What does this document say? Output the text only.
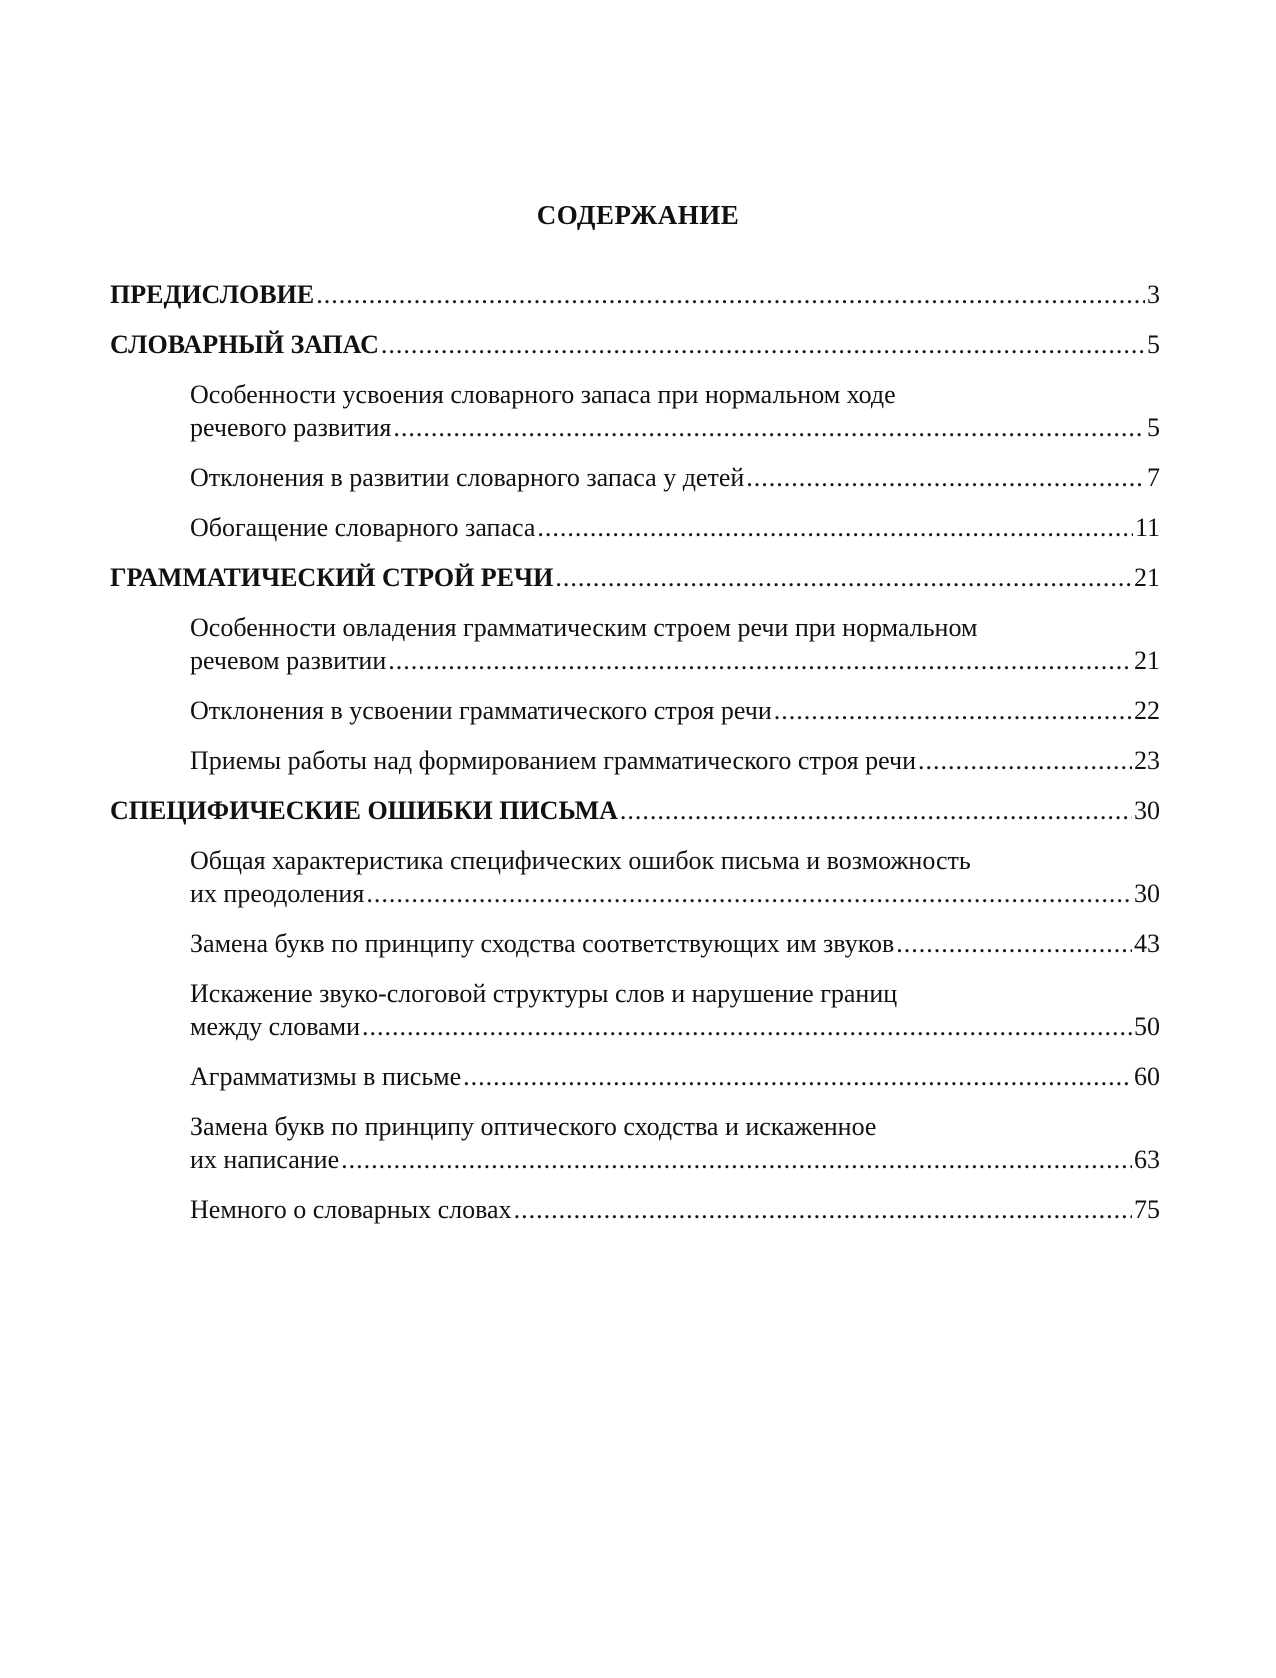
СОДЕРЖАНИЕ
ПРЕДИСЛОВИЕ .....	3
СЛОВАРНЫЙ ЗАПАС .....	5
Особенности усвоения словарного запаса при нормальном ходе
речевого развития .....	5
Отклонения в развитии словарного запаса у детей .....	7
Обогащение словарного запаса .....	11
ГРАММАТИЧЕСКИЙ СТРОЙ РЕЧИ .....	21
Особенности овладения грамматическим строем речи при нормальном
речевом развитии .....	21
Отклонения в усвоении грамматического строя речи .....	22
Приемы работы над формированием грамматического строя речи .....	23
СПЕЦИФИЧЕСКИЕ ОШИБКИ ПИСЬМА .....	30
Общая характеристика специфических ошибок письма и возможность
их преодоления .....	30
Замена букв по принципу сходства соответствующих им звуков .....	43
Искажение звуко-слоговой структуры слов и нарушение границ
между словами .....	50
Аграмматизмы в письме .....	60
Замена букв по принципу оптического сходства и искаженное
их написание .....	63
Немного о словарных словах .....	75
